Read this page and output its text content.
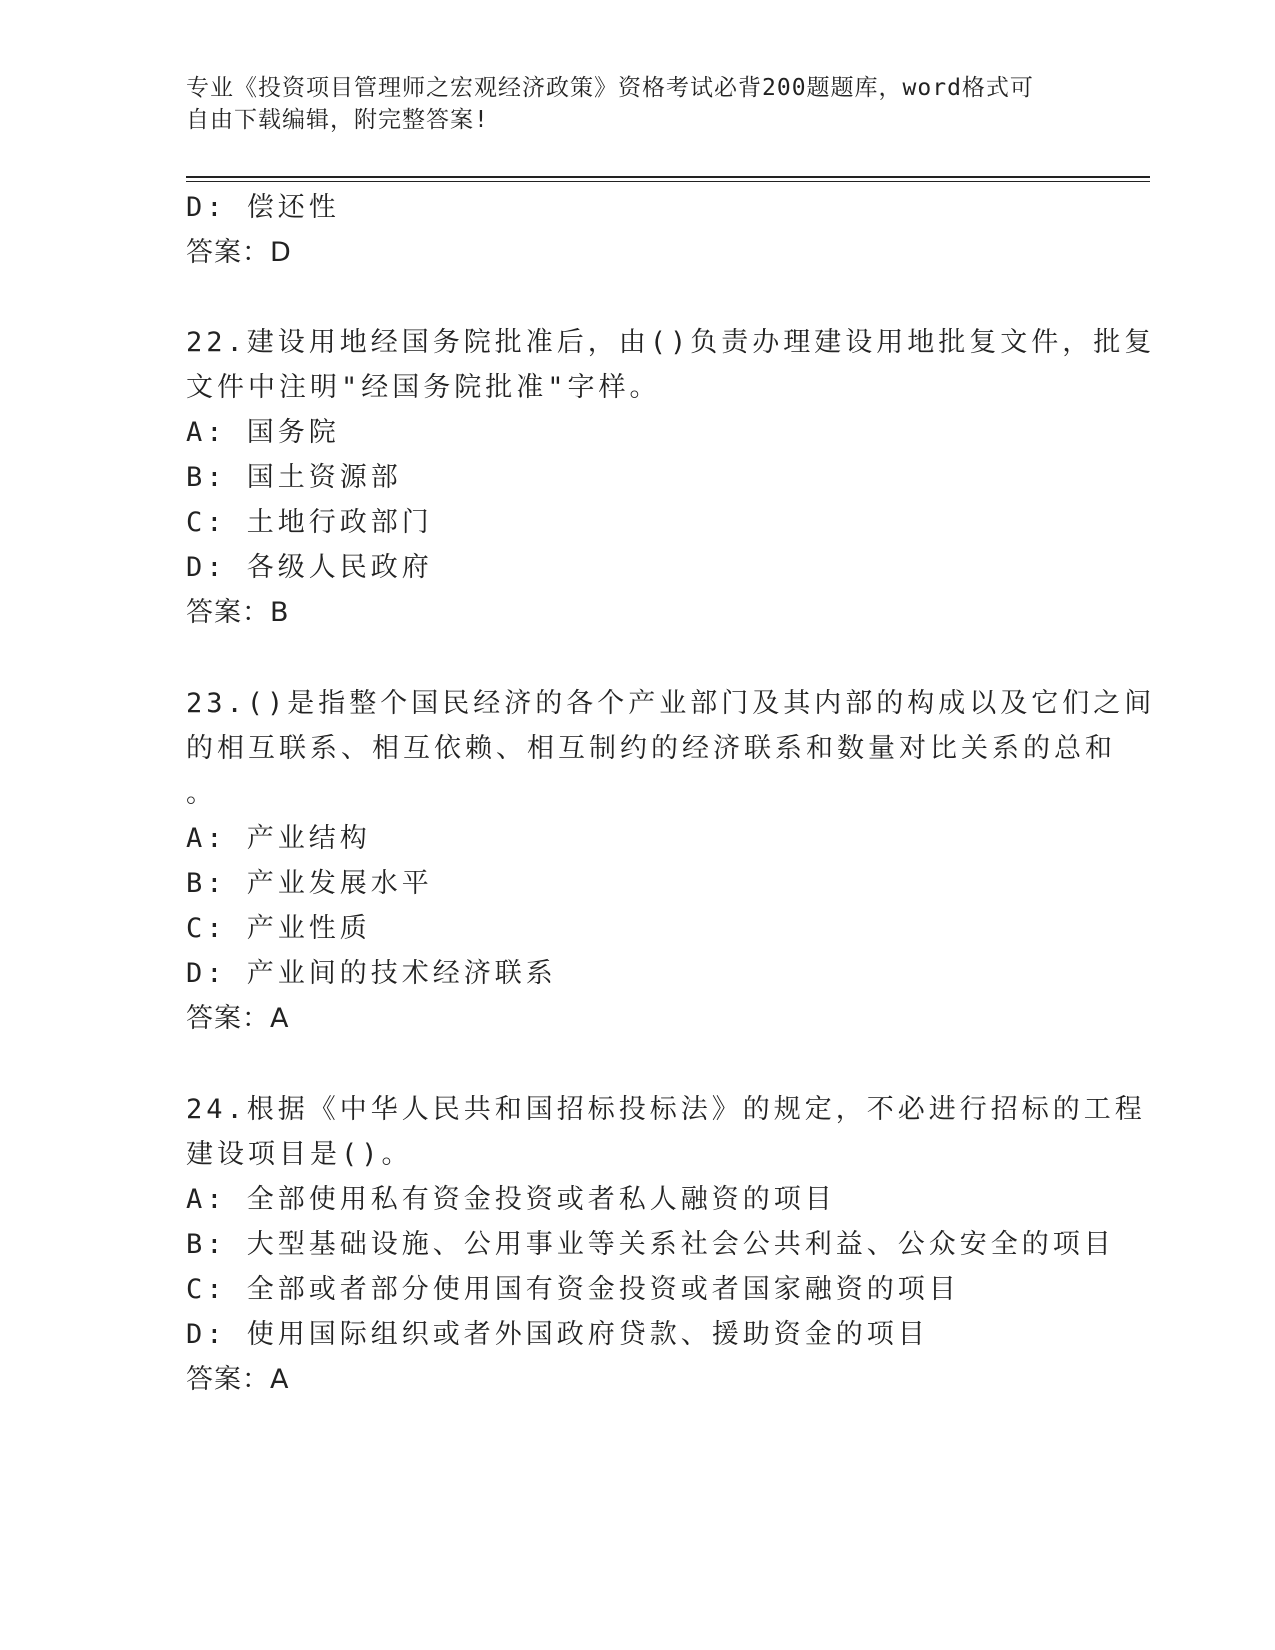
专业《投资项目管理师之宏观经济政策》资格考试必背200题题库，word格式可
自由下载编辑，附完整答案!
D: 偿还性
答案：D
22.建设用地经国务院批准后，由()负责办理建设用地批复文件，批复
文件中注明"经国务院批准"字样。
A: 国务院
B: 国土资源部
C: 土地行政部门
D: 各级人民政府
答案：B
23.()是指整个国民经济的各个产业部门及其内部的构成以及它们之间
的相互联系、相互依赖、相互制约的经济联系和数量对比关系的总和
。
A: 产业结构
B: 产业发展水平
C: 产业性质
D: 产业间的技术经济联系
答案：A
24.根据《中华人民共和国招标投标法》的规定，不必进行招标的工程
建设项目是()。
A: 全部使用私有资金投资或者私人融资的项目
B: 大型基础设施、公用事业等关系社会公共利益、公众安全的项目
C: 全部或者部分使用国有资金投资或者国家融资的项目
D: 使用国际组织或者外国政府贷款、援助资金的项目
答案：A
